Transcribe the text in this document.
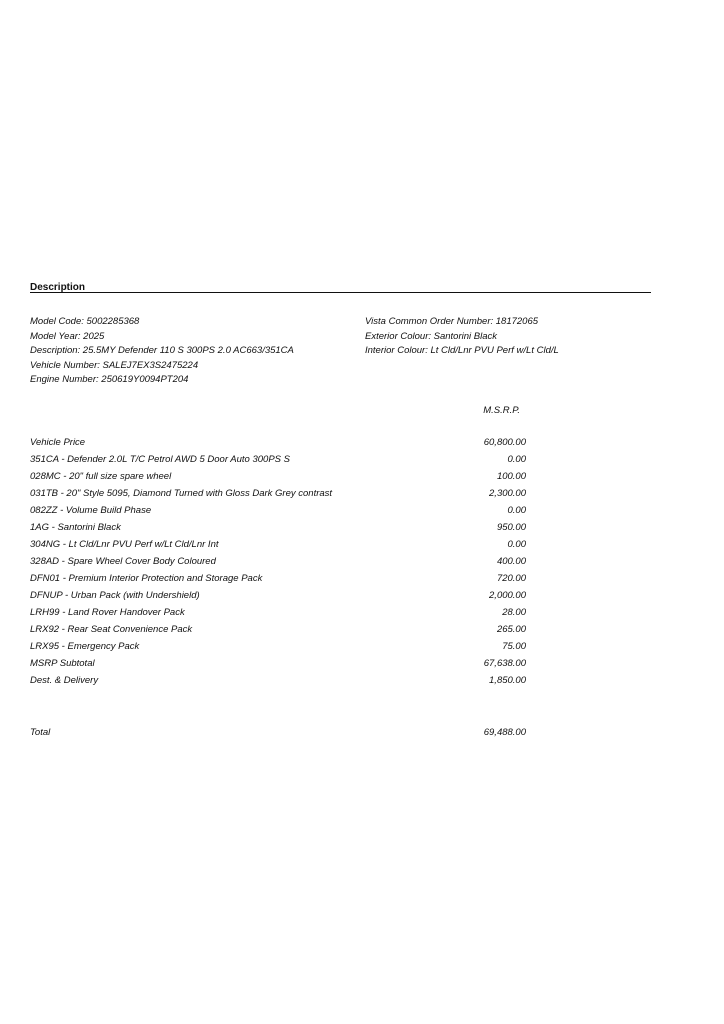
Description
Model Code: 5002285368
Model Year: 2025
Description: 25.5MY Defender 110 S 300PS 2.0 AC663/351CA
Vehicle Number: SALEJ7EX3S2475224
Engine Number: 250619Y0094PT204
Vista Common Order Number: 18172065
Exterior Colour: Santorini Black
Interior Colour: Lt Cld/Lnr PVU Perf w/Lt Cld/L
M.S.R.P.
Vehicle Price	60,800.00
351CA - Defender 2.0L T/C Petrol AWD 5 Door Auto 300PS S	0.00
028MC - 20" full size spare wheel	100.00
031TB - 20" Style 5095, Diamond Turned with Gloss Dark Grey contrast	2,300.00
082ZZ - Volume Build Phase	0.00
1AG - Santorini Black	950.00
304NG - Lt Cld/Lnr PVU Perf w/Lt Cld/Lnr Int	0.00
328AD - Spare Wheel Cover Body Coloured	400.00
DFN01 - Premium Interior Protection and Storage Pack	720.00
DFNUP - Urban Pack (with Undershield)	2,000.00
LRH99 - Land Rover Handover Pack	28.00
LRX92 - Rear Seat Convenience Pack	265.00
LRX95 - Emergency Pack	75.00
MSRP Subtotal	67,638.00
Dest. & Delivery	1,850.00
Total	69,488.00
